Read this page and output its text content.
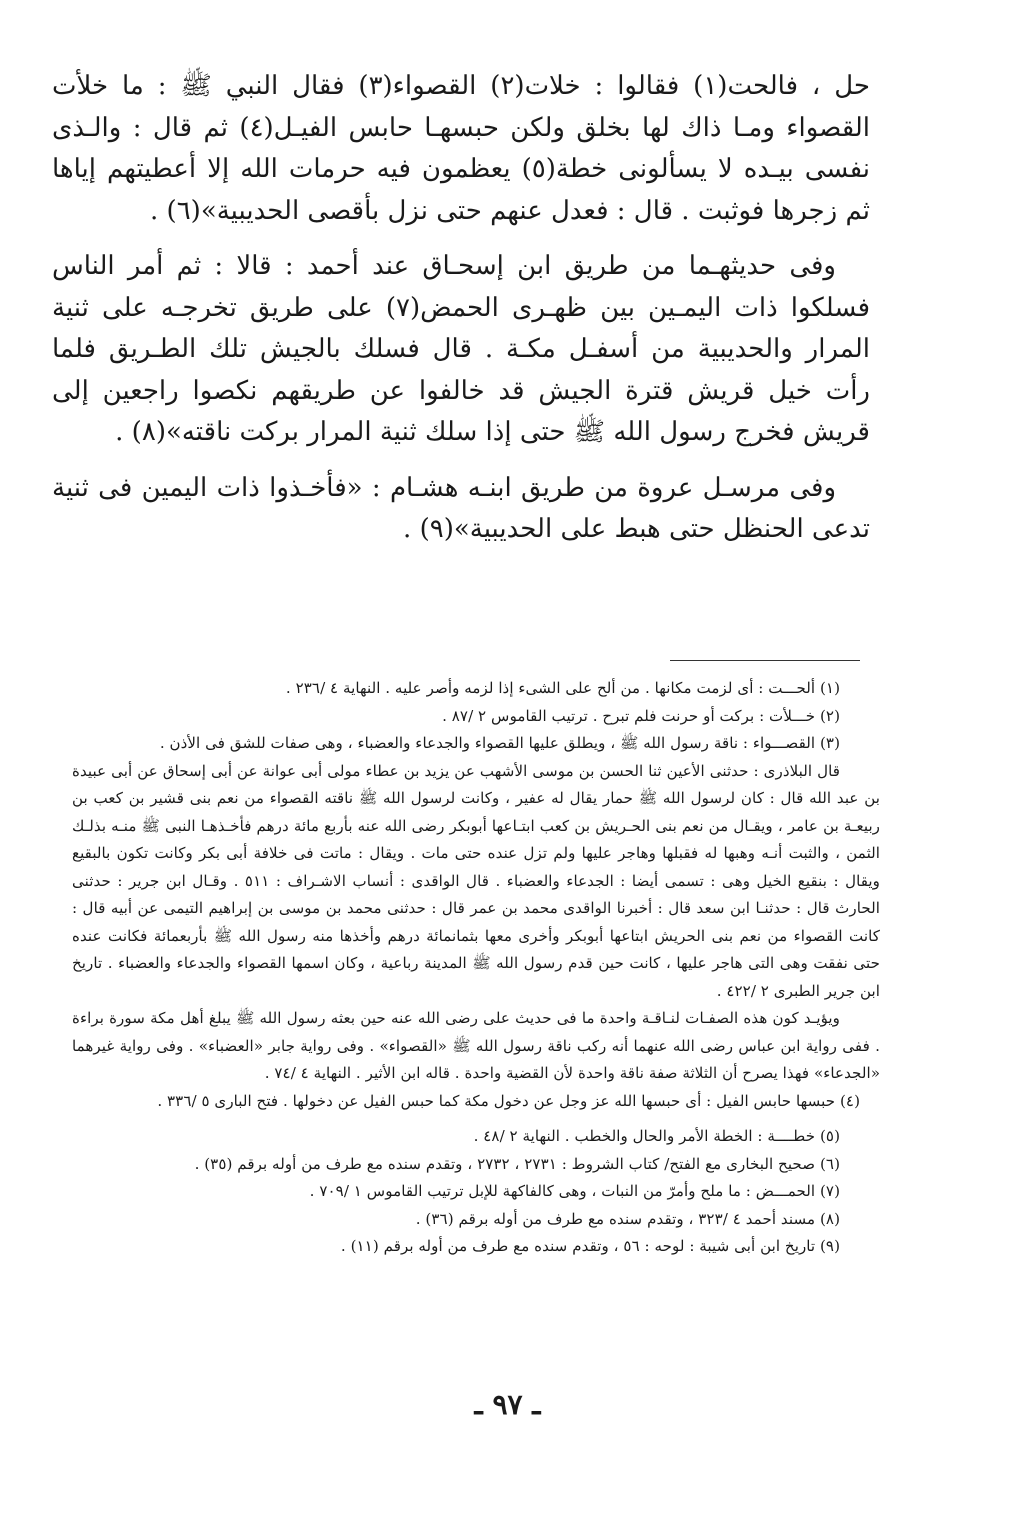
حل ، فالحت(١) فقالوا : خلات(٢) القصواء(٣) فقال النبي ﷺ : ما خلأت القصواء ومـا ذاك لها بخلق ولكن حبسهـا حابس الفيـل(٤) ثم قال : والـذى نفسى بيـده لا يسألونى خطة(٥) يعظمون فيه حرمات الله إلا أعطيتهم إياها ثم زجرها فوثبت . قال : فعدل عنهم حتى نزل بأقصى الحديبية»(٦) .

وفى حديثهـما من طريق ابن إسحـاق عند أحمد : قالا : ثم أمر الناس فسلكوا ذات اليمـين بين ظهـرى الحمض(٧) على طريق تخرجـه على ثنية المرار والحديبية من أسفـل مكـة . قال فسلك بالجيش تلك الطـريق فلما رأت خيل قريش قترة الجيش قد خالفوا عن طريقهم نكصوا راجعين إلى قريش فخرج رسول الله ﷺ حتى إذا سلك ثنية المرار بركت ناقته»(٨) .

وفى مرسـل عروة من طريق ابنـه هشـام : «فأخـذوا ذات اليمين فى ثنية تدعى الحنظل حتى هبط على الحديبية»(٩) .

(١) ألحـــت : أى لزمت مكانها . من ألح على الشىء إذا لزمه وأصر عليه . النهاية ٤ /٢٣٦ .

(٢) خـــلأت : بركت أو حرنت فلم تبرح . ترتيب القاموس ٢ /٨٧ .

(٣) القصـــواء : ناقة رسول الله ﷺ ، ويطلق عليها القصواء والجدعاء والعضباء ، وهى صفات للشق فى الأذن .

قال البلاذرى : حدثنى الأعين ثنا الحسن بن موسى الأشهب عن يزيد بن عطاء مولى أبى عوانة عن أبى إسحاق عن أبى عبيدة بن عبد الله قال : كان لرسول الله ﷺ حمار يقال له عفير ، وكانت لرسول الله ﷺ ناقته القصواء من نعم بنى قشير بن كعب بن ربيعـة بن عامر ، ويقـال من نعم بنى الحـريش بن كعب ابتـاعها أبوبكر رضى الله عنه بأربع مائة درهم فأخـذهـا النبى ﷺ منـه بذلـك الثمن ، والثبت أنـه وهبها له فقبلها وهاجر عليها ولم تزل عنده حتى مات . ويقال : ماتت فى خلافة أبى بكر وكانت تكون بالبقيع ويقال : بنقيع الخيل وهى : تسمى أيضا : الجدعاء والعضباء . قال الواقدى : أنساب الاشـراف : ٥١١ . وقـال ابن جرير : حدثنى الحارث قال : حدثنـا ابن سعد قال : أخبرنا الواقدى محمد بن عمر قال : حدثنى محمد بن موسى بن إبراهيم التيمى عن أبيه قال : كانت القصواء من نعم بنى الحريش ابتاعها أبوبكر وأخرى معها بثمانمائة درهم وأخذها منه رسول الله ﷺ بأربعمائة فكانت عنده حتى نفقت وهى التى هاجر عليها ، كانت حين قدم رسول الله ﷺ المدينة رباعية ، وكان اسمها القصواء والجدعاء والعضباء . تاريخ ابن جرير الطبرى ٢ /٤٢٢ .

ويؤيـد كون هذه الصفـات لنـاقـة واحدة ما فى حديث على رضى الله عنه حين بعثه رسول الله ﷺ يبلغ أهل مكة سورة براءة . ففى رواية ابن عباس رضى الله عنهما أنه ركب ناقة رسول الله ﷺ «القصواء» . وفى رواية جابر «العضباء» . وفى رواية غيرهما «الجدعاء» فهذا يصرح أن الثلاثة صفة ناقة واحدة لأن القضية واحدة . قاله ابن الأثير . النهاية ٤ /٧٤ .

(٤) حبسها حابس الفيل : أى حبسها الله عز وجل عن دخول مكة كما حبس الفيل عن دخولها . فتح البارى ٥ /٣٣٦ .

(٥) خطــــة : الخطة الأمر والحال والخطب . النهاية ٢ /٤٨ .

(٦) صحيح البخارى مع الفتح/ كتاب الشروط : ٢٧٣١ ، ٢٧٣٢ ، وتقدم سنده مع طرف من أوله برقم (٣٥) .

(٧) الحمـــض : ما ملح وأمرّ من النبات ، وهى كالفاكهة للإبل ترتيب القاموس ١ /٧٠٩ .

(٨) مسند أحمد ٤ /٣٢٣ ، وتقدم سنده مع طرف من أوله برقم (٣٦) .

(٩) تاريخ ابن أبى شيبة : لوحه : ٥٦ ، وتقدم سنده مع طرف من أوله برقم (١١) .

ـ ٩٧ ـ
